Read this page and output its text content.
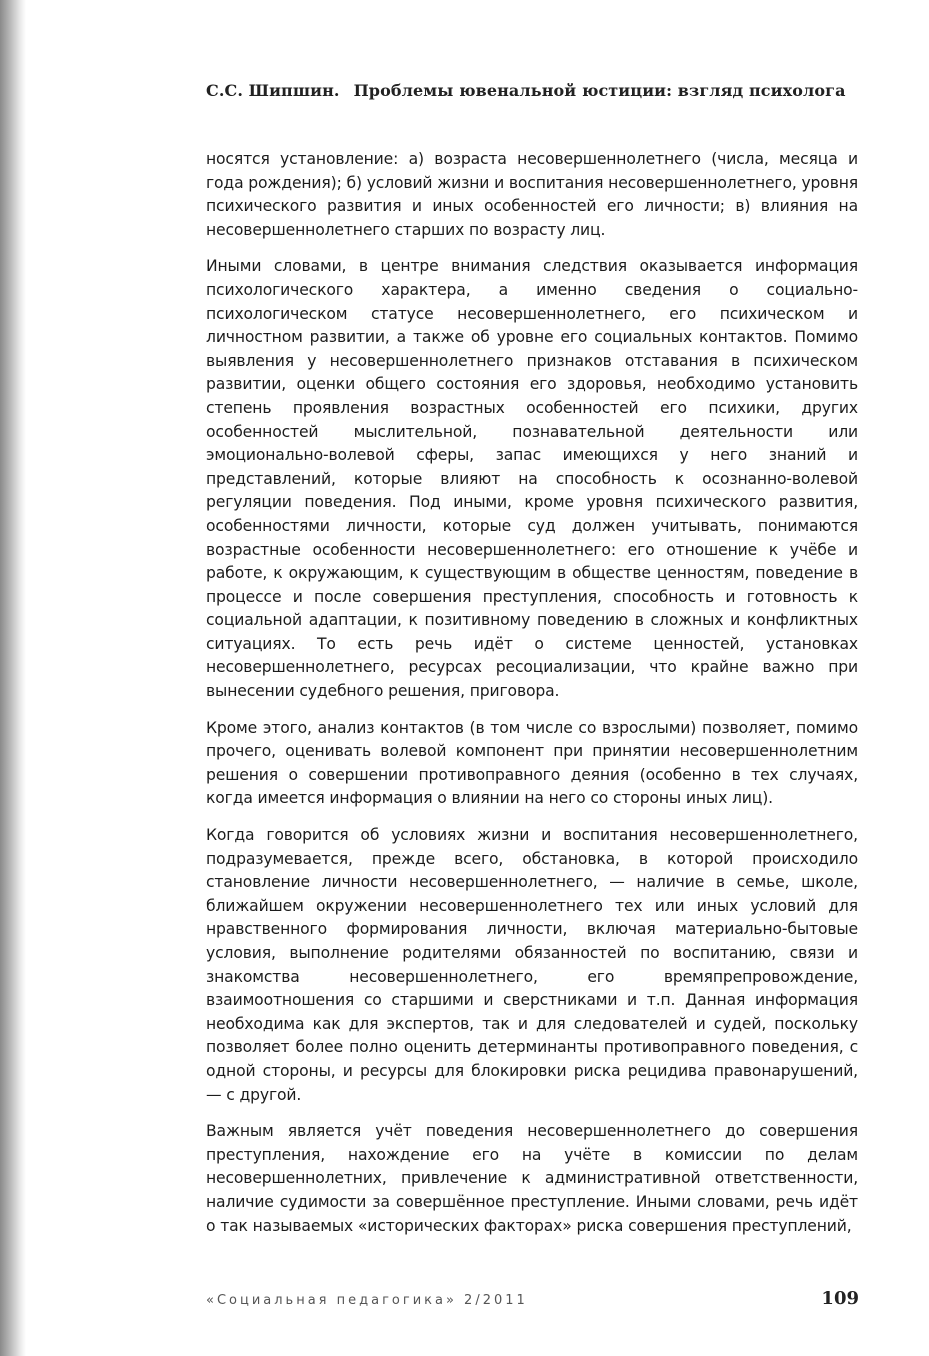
С.С. Шипшин. Проблемы ювенальной юстиции: взгляд психолога

носятся установление: а) возраста несовершеннолетнего (числа, месяца и года рождения); б) условий жизни и воспитания несовершеннолетнего, уровня психического развития и иных особенностей его личности; в) влияния на несовершеннолетнего старших по возрасту лиц.

Иными словами, в центре внимания следствия оказывается информация психологического характера, а именно сведения о социально-психологическом статусе несовершеннолетнего, его психическом и личностном развитии, а также об уровне его социальных контактов. Помимо выявления у несовершеннолетнего признаков отставания в психическом развитии, оценки общего состояния его здоровья, необходимо установить степень проявления возрастных особенностей его психики, других особенностей мыслительной, познавательной деятельности или эмоционально-волевой сферы, запас имеющихся у него знаний и представлений, которые влияют на способность к осознанно-волевой регуляции поведения. Под иными, кроме уровня психического развития, особенностями личности, которые суд должен учитывать, понимаются возрастные особенности несовершеннолетнего: его отношение к учёбе и работе, к окружающим, к существующим в обществе ценностям, поведение в процессе и после совершения преступления, способность и готовность к социальной адаптации, к позитивному поведению в сложных и конфликтных ситуациях. То есть речь идёт о системе ценностей, установках несовершеннолетнего, ресурсах ресоциализации, что крайне важно при вынесении судебного решения, приговора.

Кроме этого, анализ контактов (в том числе со взрослыми) позволяет, помимо прочего, оценивать волевой компонент при принятии несовершеннолетним решения о совершении противоправного деяния (особенно в тех случаях, когда имеется информация о влиянии на него со стороны иных лиц).

Когда говорится об условиях жизни и воспитания несовершеннолетнего, подразумевается, прежде всего, обстановка, в которой происходило становление личности несовершеннолетнего, — наличие в семье, школе, ближайшем окружении несовершеннолетнего тех или иных условий для нравственного формирования личности, включая материально-бытовые условия, выполнение родителями обязанностей по воспитанию, связи и знакомства несовершеннолетнего, его времяпрепровождение, взаимоотношения со старшими и сверстниками и т.п. Данная информация необходима как для экспертов, так и для следователей и судей, поскольку позволяет более полно оценить детерминанты противоправного поведения, с одной стороны, и ресурсы для блокировки риска рецидива правонарушений, — с другой.

Важным является учёт поведения несовершеннолетнего до совершения преступления, нахождение его на учёте в комиссии по делам несовершеннолетних, привлечение к административной ответственности, наличие судимости за совершённое преступление. Иными словами, речь идёт о так называемых «исторических факторах» риска совершения преступлений,

«Социальная педагогика» 2/2011	109
